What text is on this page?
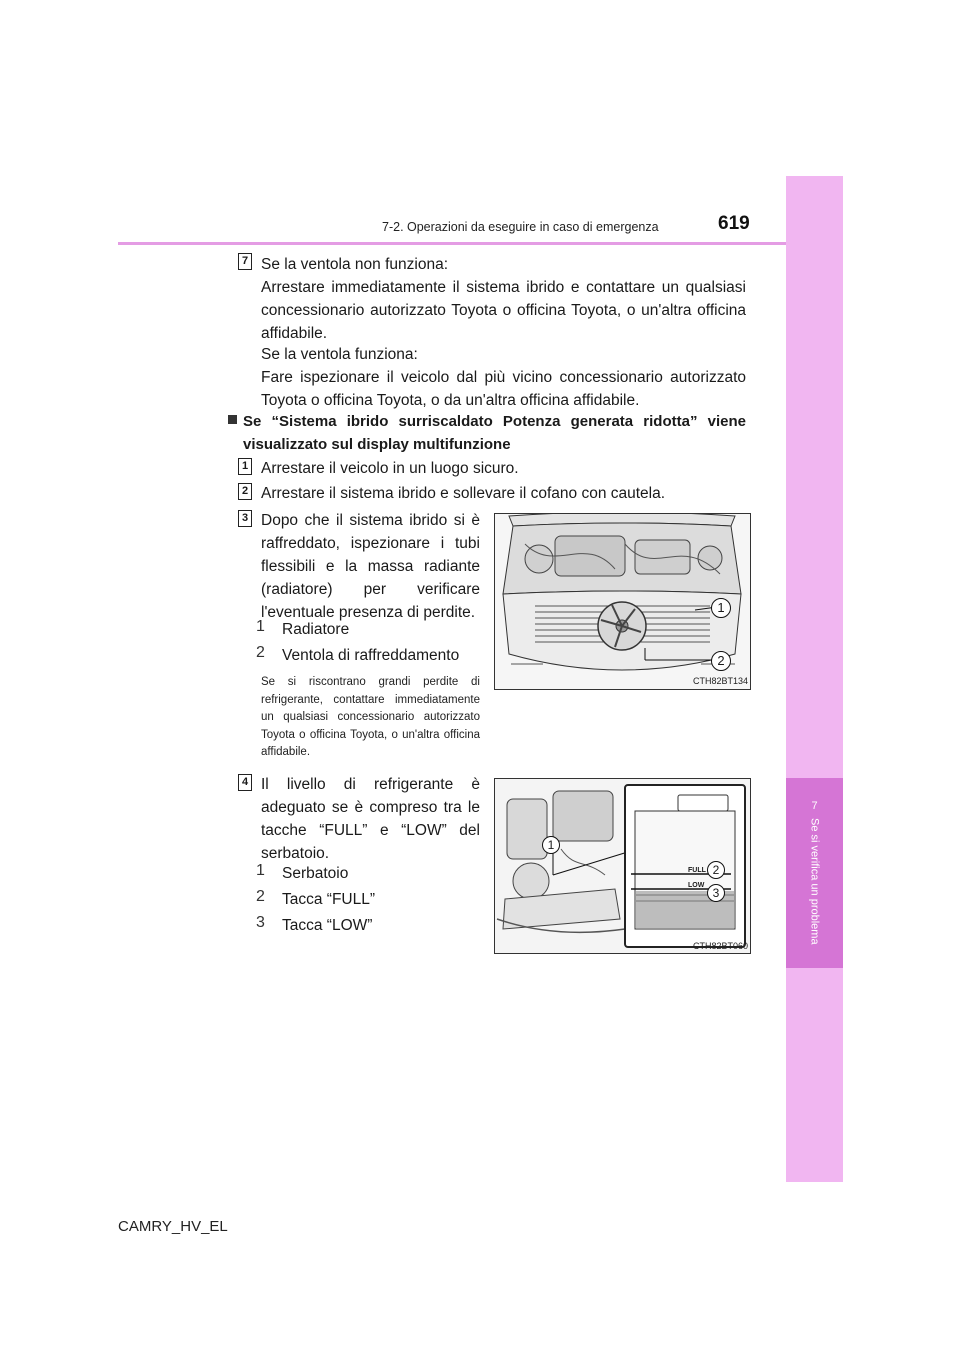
7
Se si verifica un problema
7-2. Operazioni da eseguire in caso di emergenza	619
7 Se la ventola non funziona:
Arrestare immediatamente il sistema ibrido e contattare un qualsiasi concessionario autorizzato Toyota o officina Toyota, o un'altra officina affidabile.
Se la ventola funziona:
Fare ispezionare il veicolo dal più vicino concessionario autorizzato Toyota o officina Toyota, o da un'altra officina affidabile.
Se “Sistema ibrido surriscaldato Potenza generata ridotta” viene visualizzato sul display multifunzione
1 Arrestare il veicolo in un luogo sicuro.
2 Arrestare il sistema ibrido e sollevare il cofano con cautela.
3 Dopo che il sistema ibrido si è raffreddato, ispezionare i tubi flessibili e la massa radiante (radiatore) per verificare l'eventuale presenza di perdite.
1 Radiatore
2 Ventola di raffreddamento
Se si riscontrano grandi perdite di refrigerante, contattare immediatamente un qualsiasi concessionario autorizzato Toyota o officina Toyota, o un'altra officina affidabile.
1
2
CTH82BT134
4 Il livello di refrigerante è adeguato se è compreso tra le tacche “FULL” e “LOW” del serbatoio.
1 Serbatoio
2 Tacca “FULL”
3 Tacca “LOW”
FULL
LOW
1
2
3
CTH82BT060
CAMRY_HV_EL
